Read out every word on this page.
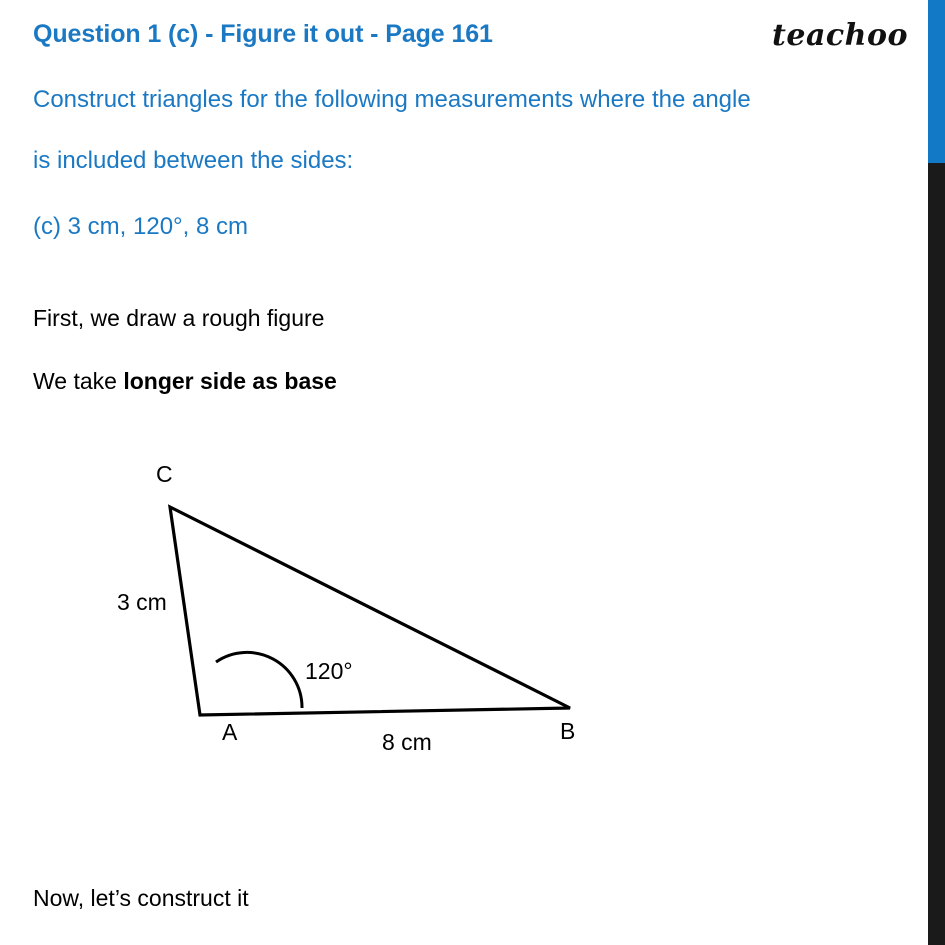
Question 1 (c) - Figure it out - Page 161	teachoo
Construct triangles for the following measurements where the angle
is included between the sides:
(c) 3 cm, 120°, 8 cm
First, we draw a rough figure
We take longer side as base
C
A	B
3 cm
8 cm
120°
Now, let’s construct it
